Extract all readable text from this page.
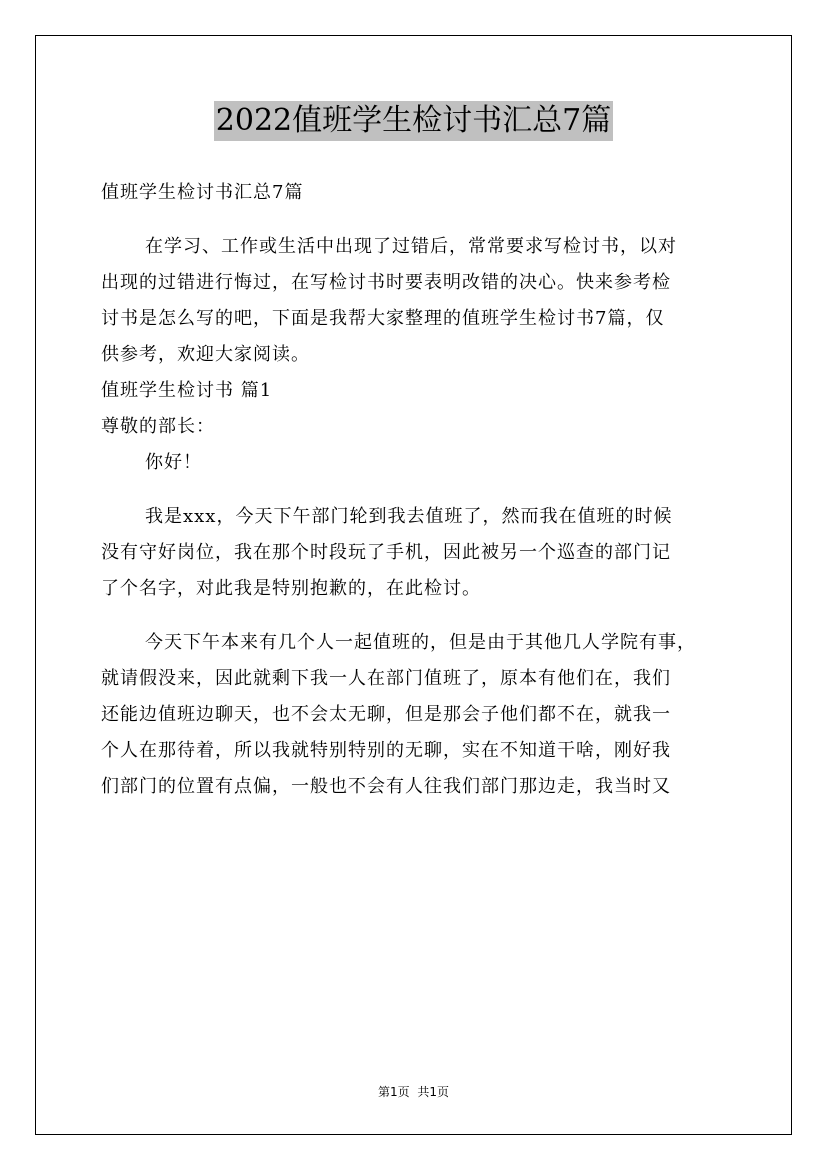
2022值班学生检讨书汇总7篇

值班学生检讨书汇总7篇

在学习、工作或生活中出现了过错后，常常要求写检讨书，以对

出现的过错进行悔过，在写检讨书时要表明改错的决心。快来参考检

讨书是怎么写的吧，下面是我帮大家整理的值班学生检讨书7篇，仅

供参考，欢迎大家阅读。

值班学生检讨书 篇1

尊敬的部长：

你好！

我是xxx，今天下午部门轮到我去值班了，然而我在值班的时候

没有守好岗位，我在那个时段玩了手机，因此被另一个巡查的部门记

了个名字，对此我是特别抱歉的，在此检讨。

今天下午本来有几个人一起值班的，但是由于其他几人学院有事，

就请假没来，因此就剩下我一人在部门值班了，原本有他们在，我们

还能边值班边聊天，也不会太无聊，但是那会子他们都不在，就我一

个人在那待着，所以我就特别特别的无聊，实在不知道干啥，刚好我

们部门的位置有点偏，一般也不会有人往我们部门那边走，我当时又

第1页 共1页
